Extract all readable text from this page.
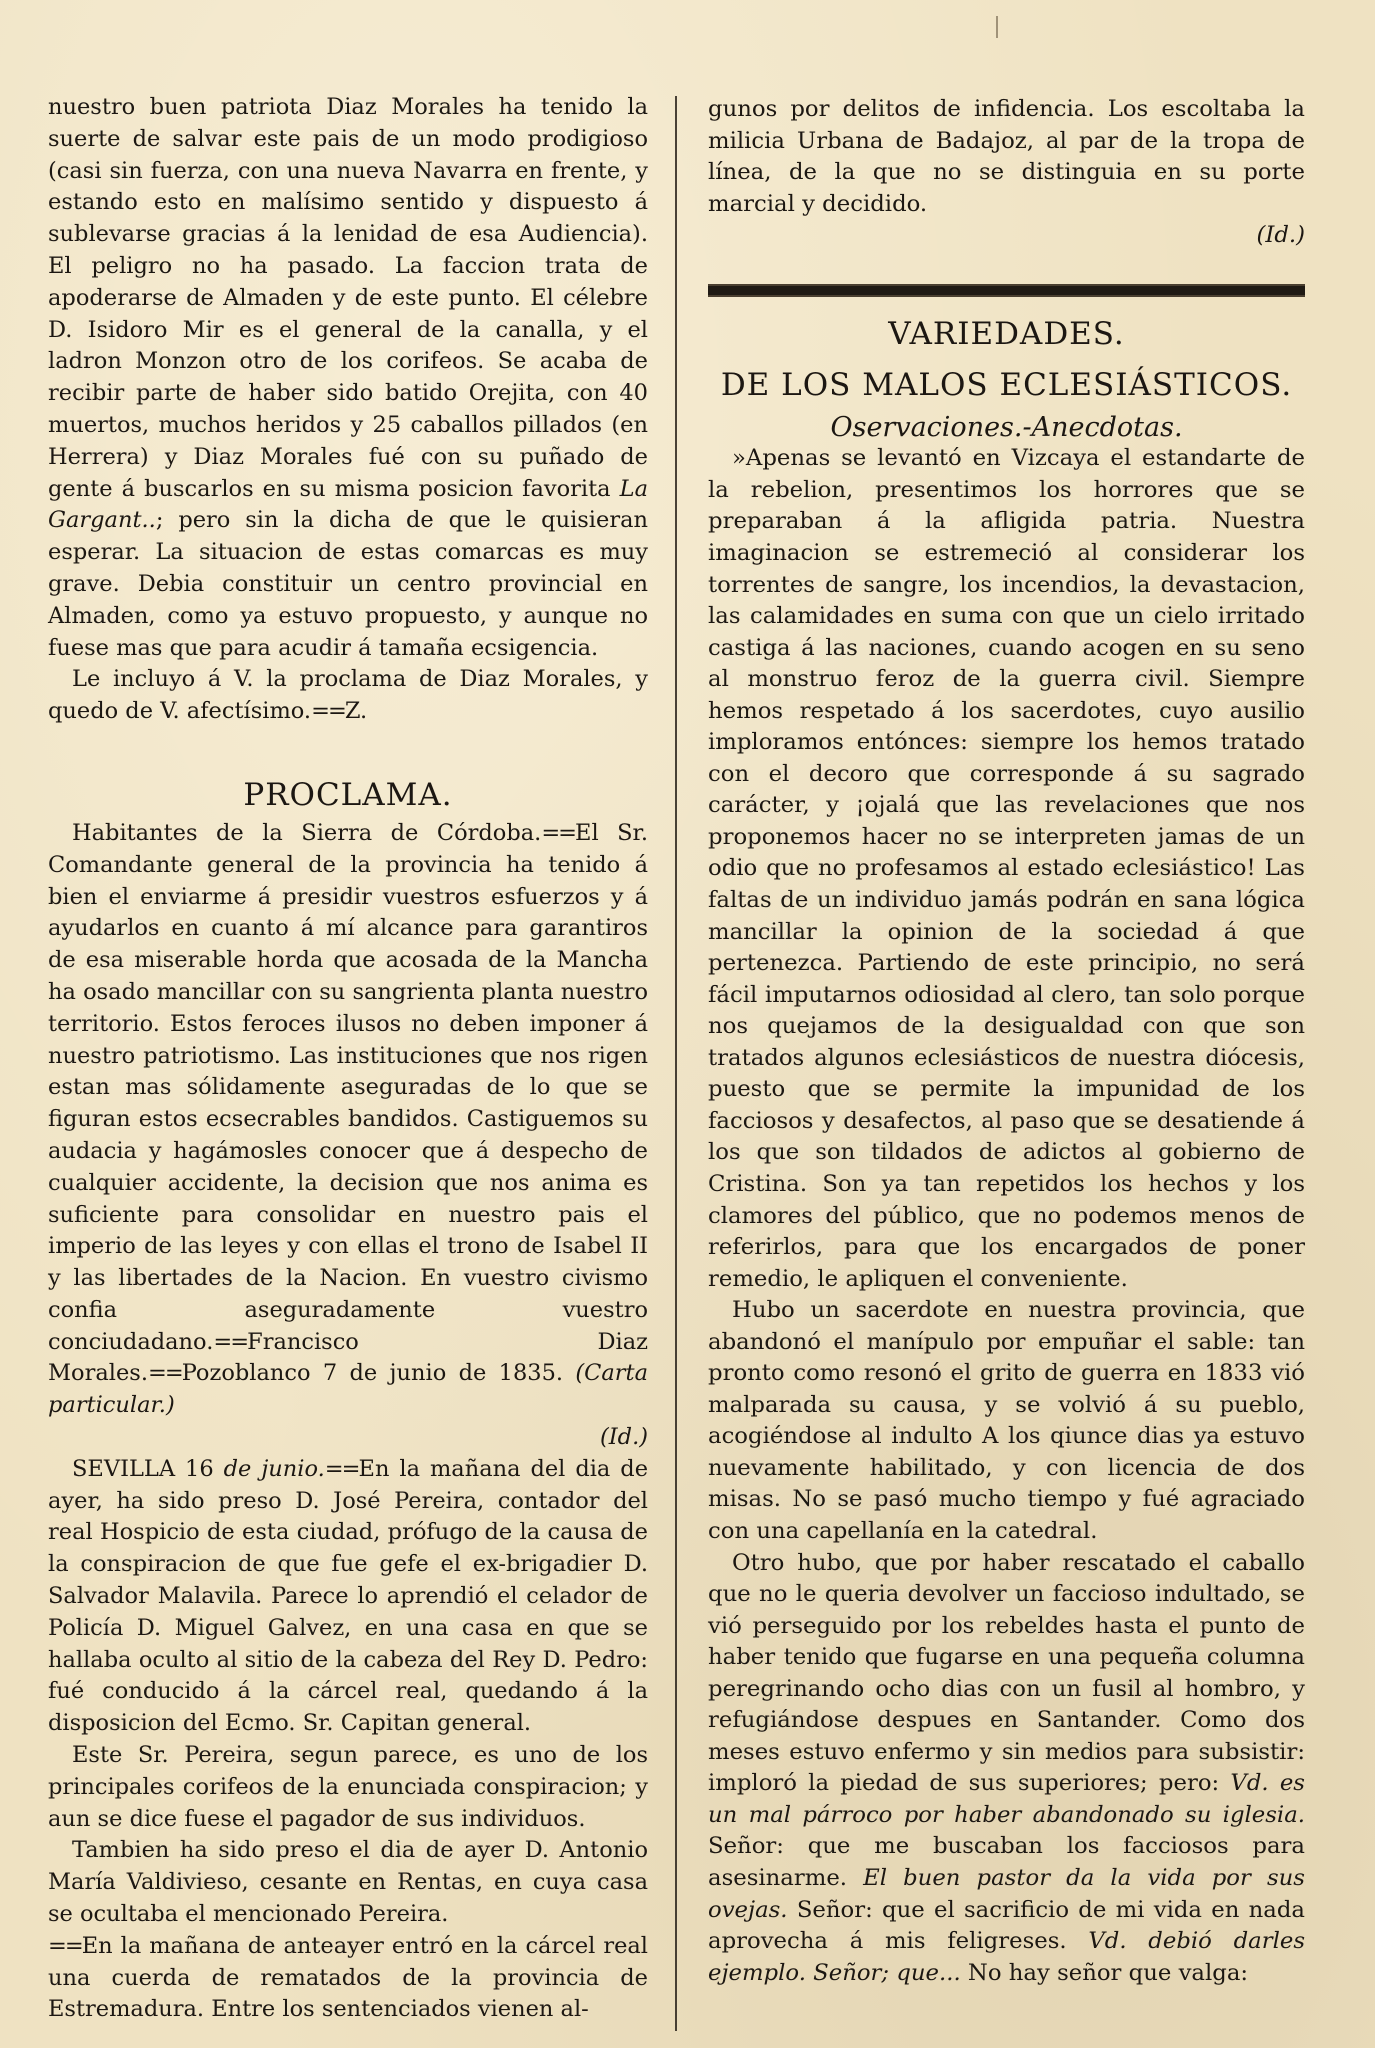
nuestro buen patriota Diaz Morales ha tenido la suerte de salvar este pais de un modo prodigioso (casi sin fuerza, con una nueva Navarra en frente, y estando esto en malísimo sentido y dispuesto á sublevarse gracias á la lenidad de esa Audiencia). El peligro no ha pasado. La faccion trata de apoderarse de Almaden y de este punto. El célebre D. Isidoro Mir es el general de la canalla, y el ladron Monzon otro de los corifeos. Se acaba de recibir parte de haber sido batido Orejita, con 40 muertos, muchos heridos y 25 caballos pillados (en Herrera) y Diaz Morales fué con su puñado de gente á buscarlos en su misma posicion favorita La Gargant..; pero sin la dicha de que le quisieran esperar. La situacion de estas comarcas es muy grave. Debia constituir un centro provincial en Almaden, como ya estuvo propuesto, y aunque no fuese mas que para acudir á tamaña ecsigencia.

Le incluyo á V. la proclama de Diaz Morales, y quedo de V. afectísimo.==Z.

PROCLAMA.

Habitantes de la Sierra de Córdoba.==El Sr. Comandante general de la provincia ha tenido á bien el enviarme á presidir vuestros esfuerzos y á ayudarlos en cuanto á mí alcance para garantiros de esa miserable horda que acosada de la Mancha ha osado mancillar con su sangrienta planta nuestro territorio. Estos feroces ilusos no deben imponer á nuestro patriotismo. Las instituciones que nos rigen estan mas sólidamente aseguradas de lo que se figuran estos ecsecrables bandidos. Castiguemos su audacia y hagámosles conocer que á despecho de cualquier accidente, la decision que nos anima es suficiente para consolidar en nuestro pais el imperio de las leyes y con ellas el trono de Isabel II y las libertades de la Nacion. En vuestro civismo confia aseguradamente vuestro conciudadano.==Francisco Diaz Morales.==Pozoblanco 7 de junio de 1835. (Carta particular.)

(Id.)

SEVILLA 16 de junio.==En la mañana del dia de ayer, ha sido preso D. José Pereira, contador del real Hospicio de esta ciudad, prófugo de la causa de la conspiracion de que fue gefe el ex-brigadier D. Salvador Malavila. Parece lo aprendió el celador de Policía D. Miguel Galvez, en una casa en que se hallaba oculto al sitio de la cabeza del Rey D. Pedro: fué conducido á la cárcel real, quedando á la disposicion del Ecmo. Sr. Capitan general.

Este Sr. Pereira, segun parece, es uno de los principales corifeos de la enunciada conspiracion; y aun se dice fuese el pagador de sus individuos.

Tambien ha sido preso el dia de ayer D. Antonio María Valdivieso, cesante en Rentas, en cuya casa se ocultaba el mencionado Pereira.

==En la mañana de anteayer entró en la cárcel real una cuerda de rematados de la provincia de Estremadura. Entre los sentenciados vienen al-

gunos por delitos de infidencia. Los escoltaba la milicia Urbana de Badajoz, al par de la tropa de línea, de la que no se distinguia en su porte marcial y decidido.

(Id.)
VARIEDADES.
DE LOS MALOS ECLESIÁSTICOS.
Oservaciones.-Anecdotas.

»Apenas se levantó en Vizcaya el estandarte de la rebelion, presentimos los horrores que se preparaban á la afligida patria. Nuestra imaginacion se estremeció al considerar los torrentes de sangre, los incendios, la devastacion, las calamidades en suma con que un cielo irritado castiga á las naciones, cuando acogen en su seno al monstruo feroz de la guerra civil. Siempre hemos respetado á los sacerdotes, cuyo ausilio imploramos entónces: siempre los hemos tratado con el decoro que corresponde á su sagrado carácter, y ¡ojalá que las revelaciones que nos proponemos hacer no se interpreten jamas de un odio que no profesamos al estado eclesiástico! Las faltas de un individuo jamás podrán en sana lógica mancillar la opinion de la sociedad á que pertenezca. Partiendo de este principio, no será fácil imputarnos odiosidad al clero, tan solo porque nos quejamos de la desigualdad con que son tratados algunos eclesiásticos de nuestra diócesis, puesto que se permite la impunidad de los facciosos y desafectos, al paso que se desatiende á los que son tildados de adictos al gobierno de Cristina. Son ya tan repetidos los hechos y los clamores del público, que no podemos menos de referirlos, para que los encargados de poner remedio, le apliquen el conveniente.

Hubo un sacerdote en nuestra provincia, que abandonó el manípulo por empuñar el sable: tan pronto como resonó el grito de guerra en 1833 vió malparada su causa, y se volvió á su pueblo, acogiéndose al indulto A los qiunce dias ya estuvo nuevamente habilitado, y con licencia de dos misas. No se pasó mucho tiempo y fué agraciado con una capellanía en la catedral.

Otro hubo, que por haber rescatado el caballo que no le queria devolver un faccioso indultado, se vió perseguido por los rebeldes hasta el punto de haber tenido que fugarse en una pequeña columna peregrinando ocho dias con un fusil al hombro, y refugiándose despues en Santander. Como dos meses estuvo enfermo y sin medios para subsistir: imploró la piedad de sus superiores; pero: Vd. es un mal párroco por haber abandonado su iglesia. Señor: que me buscaban los facciosos para asesinarme. El buen pastor da la vida por sus ovejas. Señor: que el sacrificio de mi vida en nada aprovecha á mis feligreses. Vd. debió darles ejemplo. Señor; que... No hay señor que valga:
